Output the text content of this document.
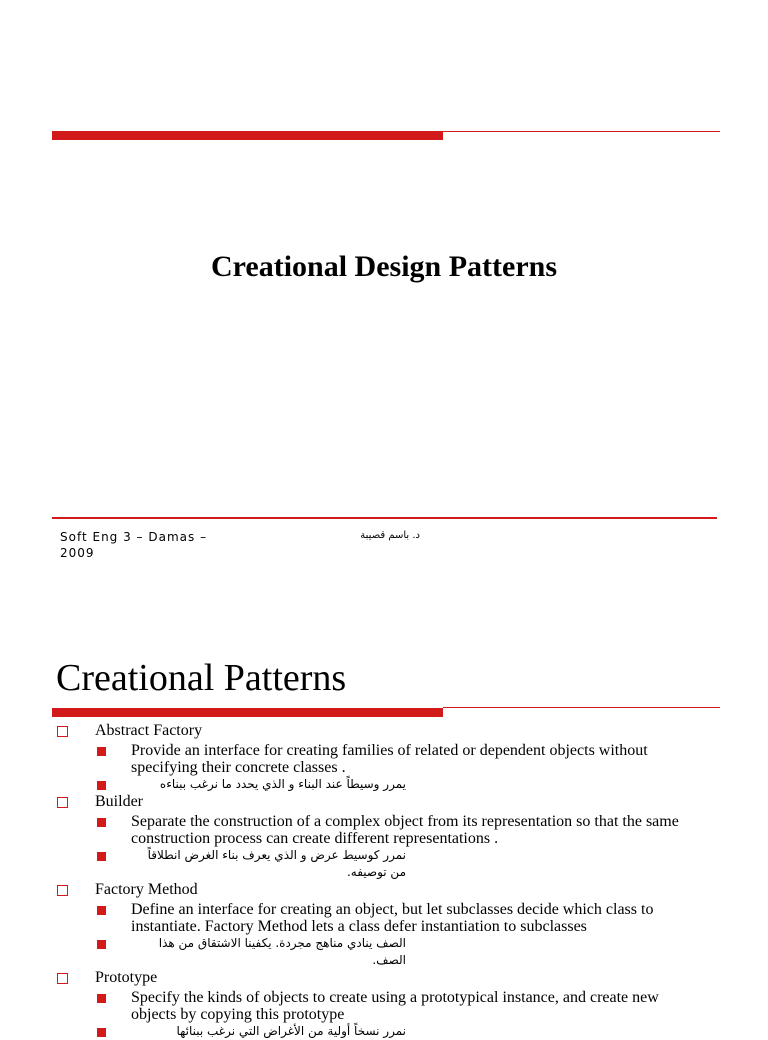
Creational Design Patterns
Soft Eng 3 – Damas – 2009
د. باسم قصيبة
Creational Patterns
Abstract Factory
Provide an interface for creating families of related or dependent objects without specifying their concrete classes .
يمرر وسيطاً عند البناء و الذي يحدد ما نرغب ببناءه
Builder
Separate the construction of a complex object from its representation so that the same construction process can create different representations .
نمرر كوسيط عرض و الذي يعرف بناء الغرض انطلاقاً من توصيفه.
Factory Method
Define an interface for creating an object, but let subclasses decide which class to instantiate. Factory Method lets a class defer instantiation to subclasses
الصف ينادي مناهج مجردة. يكفينا الاشتقاق من هذا الصف.
Prototype
Specify the kinds of objects to create using a prototypical instance, and create new objects by copying this prototype
نمرر نسخاً أولية من الأغراض التي نرغب ببنائها
